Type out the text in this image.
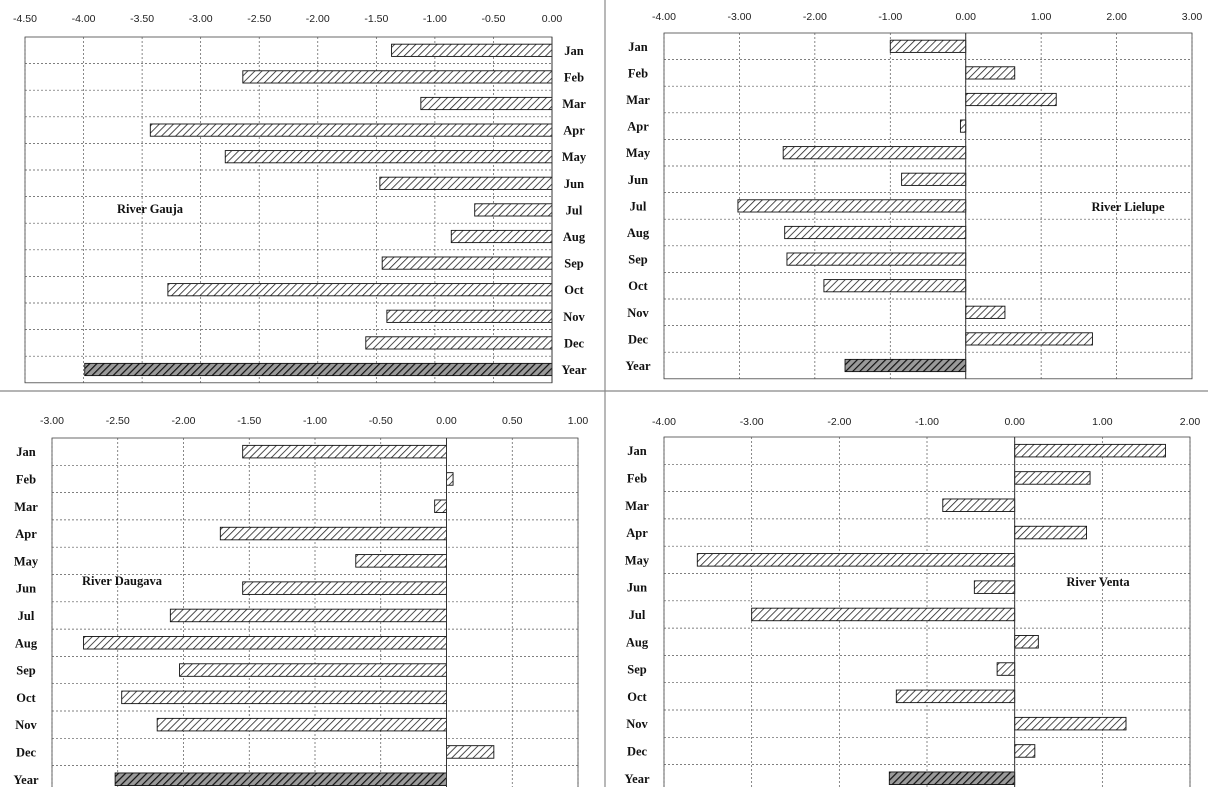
-4.50	-4.00	-3.50	-3.00	-2.50	-2.00	-1.50	-1.00	-0.50	0.00
Jan
Feb
Mar
Apr
May
Jun
Jul
Aug
Sep
Oct
Nov
Dec
Year
River Gauja
-4.00	-3.00	-2.00	-1.00	0.00	1.00	2.00	3.00
Jan
Feb
Mar
Apr
May
Jun
Jul
Aug
Sep
Oct
Nov
Dec
Year
River Lielupe
-3.00	-2.50	-2.00	-1.50	-1.00	-0.50	0.00	0.50	1.00
Jan
Feb
Mar
Apr
May
Jun
Jul
Aug
Sep
Oct
Nov
Dec
Year
River Daugava
-4.00	-3.00	-2.00	-1.00	0.00	1.00	2.00
Jan
Feb
Mar
Apr
May
Jun
Jul
Aug
Sep
Oct
Nov
Dec
Year
River Venta
